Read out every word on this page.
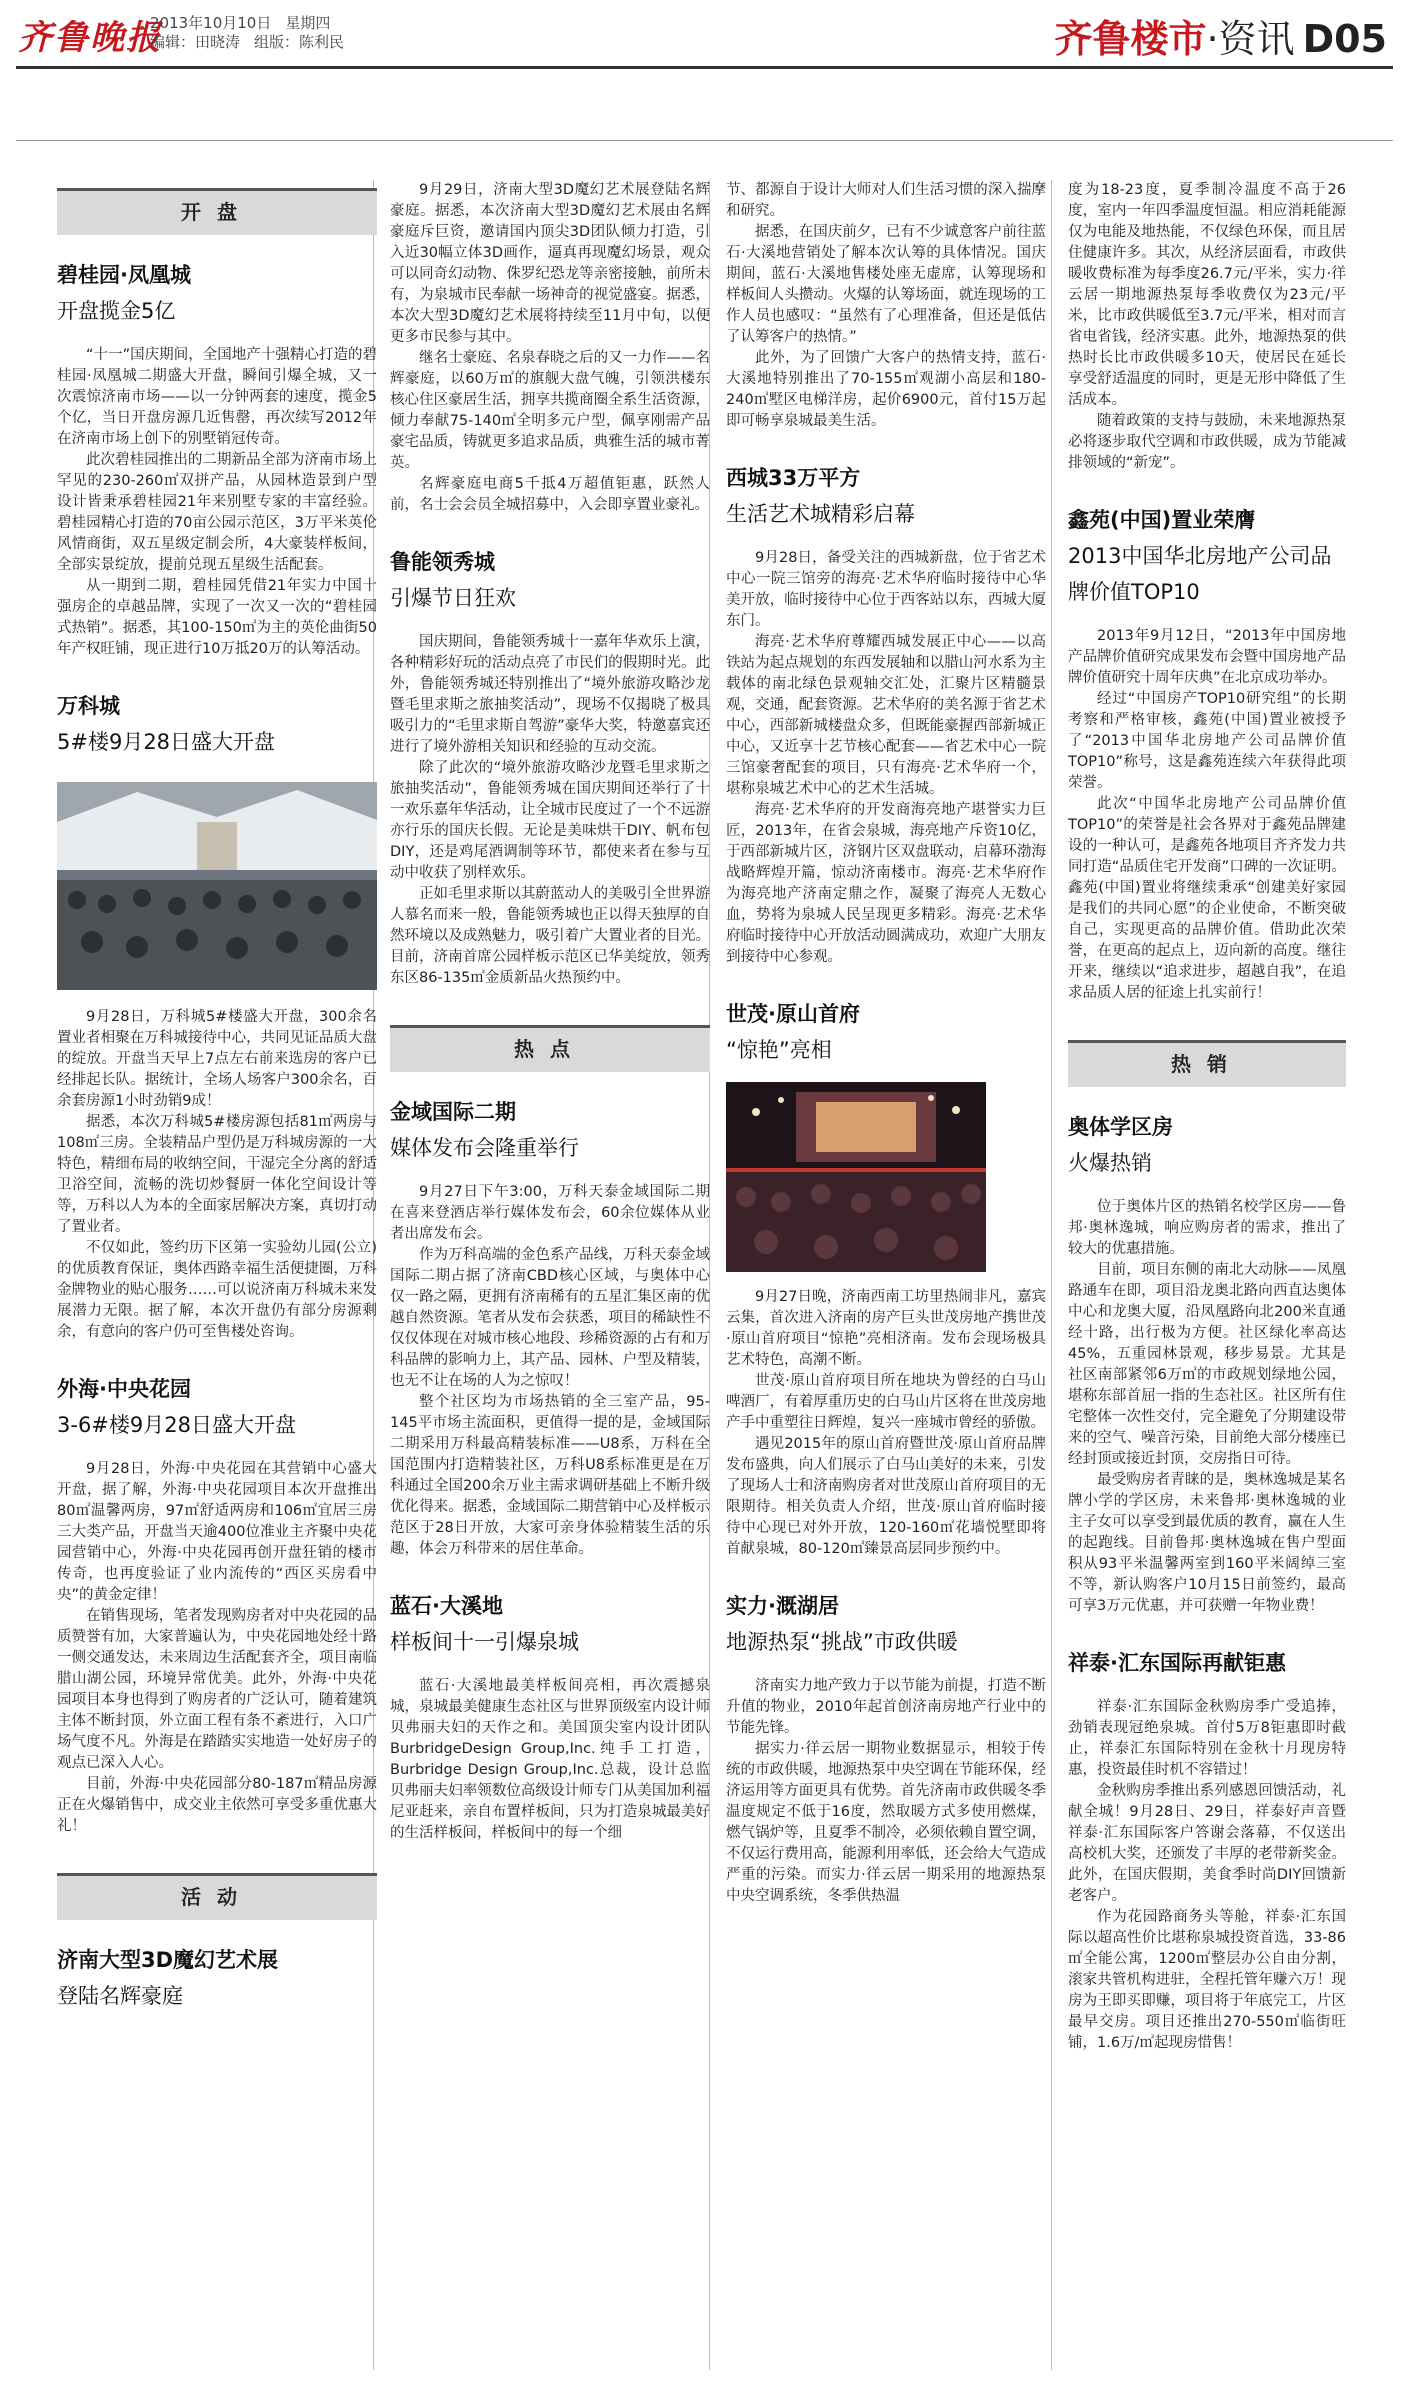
齐鲁晚报
2013年10月10日 星期四
编辑：田晓涛 组版：陈利民	齐鲁楼市·资讯 D05
开盘
碧桂园·凤凰城
开盘揽金5亿

“十一”国庆期间，全国地产十强精心打造的碧桂园·凤凰城二期盛大开盘，瞬间引爆全城，又一次震惊济南市场——以一分钟两套的速度，揽金5个亿，当日开盘房源几近售罄，再次续写2012年在济南市场上创下的别墅销冠传奇。

此次碧桂园推出的二期新品全部为济南市场上罕见的230-260㎡双拼产品，从园林造景到户型设计皆秉承碧桂园21年来别墅专家的丰富经验。碧桂园精心打造的70亩公园示范区，3万平米英伦风情商街，双五星级定制会所，4大豪装样板间，全部实景绽放，提前兑现五星级生活配套。

从一期到二期，碧桂园凭借21年实力中国十强房企的卓越品牌，实现了一次又一次的“碧桂园式热销”。据悉，其100-150㎡为主的英伦曲街50年产权旺铺，现正进行10万抵20万的认筹活动。

万科城
5#楼9月28日盛大开盘

9月28日，万科城5#楼盛大开盘，300余名置业者相聚在万科城接待中心，共同见证品质大盘的绽放。开盘当天早上7点左右前来选房的客户已经排起长队。据统计，全场人场客户300余名，百余套房源1小时劲销9成！

据悉，本次万科城5#楼房源包括81㎡两房与108㎡三房。全装精品户型仍是万科城房源的一大特色，精细布局的收纳空间，干湿完全分离的舒适卫浴空间，流畅的洗切炒餐厨一体化空间设计等等，万科以人为本的全面家居解决方案，真切打动了置业者。

不仅如此，签约历下区第一实验幼儿园(公立)的优质教育保证，奥体西路幸福生活便捷圈，万科金牌物业的贴心服务……可以说济南万科城未来发展潜力无限。据了解，本次开盘仍有部分房源剩余，有意向的客户仍可至售楼处咨询。

外海·中央花园
3-6#楼9月28日盛大开盘

9月28日，外海·中央花园在其营销中心盛大开盘，据了解，外海·中央花园项目本次开盘推出80㎡温馨两房，97㎡舒适两房和106㎡宜居三房三大类产品，开盘当天逾400位准业主齐聚中央花园营销中心，外海·中央花园再创开盘狂销的楼市传奇，也再度验证了业内流传的“西区买房看中央”的黄金定律！

在销售现场，笔者发现购房者对中央花园的品质赞誉有加，大家普遍认为，中央花园地处经十路一侧交通发达，未来周边生活配套齐全，项目南临腊山湖公园，环境异常优美。此外，外海·中央花园项目本身也得到了购房者的广泛认可，随着建筑主体不断封顶，外立面工程有条不紊进行，入口广场气度不凡。外海是在踏踏实实地造一处好房子的观点已深入人心。

目前，外海·中央花园部分80-187㎡精品房源正在火爆销售中，成交业主依然可享受多重优惠大礼！

活动
济南大型3D魔幻艺术展
登陆名辉豪庭

9月29日，济南大型3D魔幻艺术展登陆名辉豪庭。据悉，本次济南大型3D魔幻艺术展由名辉豪庭斥巨资，邀请国内顶尖3D团队倾力打造，引入近30幅立体3D画作，逼真再现魔幻场景，观众可以同奇幻动物、侏罗纪恐龙等亲密接触，前所未有，为泉城市民奉献一场神奇的视觉盛宴。据悉，本次大型3D魔幻艺术展将持续至11月中旬，以便更多市民参与其中。

继名士豪庭、名泉春晓之后的又一力作——名辉豪庭，以60万㎡的旗舰大盘气魄，引领洪楼东核心住区豪居生活，拥享共揽商圈全系生活资源，倾力奉献75-140㎡全明多元户型，佩享刚需产品豪宅品质，铸就更多追求品质，典雅生活的城市菁英。

名辉豪庭电商5千抵4万超值钜惠，跃然人前，名士会会员全城招募中，入会即享置业豪礼。

鲁能领秀城
引爆节日狂欢

国庆期间，鲁能领秀城十一嘉年华欢乐上演，各种精彩好玩的活动点亮了市民们的假期时光。此外，鲁能领秀城还特别推出了“境外旅游攻略沙龙暨毛里求斯之旅抽奖活动”，现场不仅揭晓了极具吸引力的“毛里求斯自驾游”豪华大奖，特邀嘉宾还进行了境外游相关知识和经验的互动交流。

除了此次的“境外旅游攻略沙龙暨毛里求斯之旅抽奖活动”，鲁能领秀城在国庆期间还举行了十一欢乐嘉年华活动，让全城市民度过了一个不远游亦行乐的国庆长假。无论是美味烘干DIY、帆布包DIY，还是鸡尾酒调制等环节，都使来者在参与互动中收获了别样欢乐。

正如毛里求斯以其蔚蓝动人的美吸引全世界游人慕名而来一般，鲁能领秀城也正以得天独厚的自然环境以及成熟魅力，吸引着广大置业者的目光。目前，济南首席公园样板示范区已华美绽放，领秀东区86-135㎡金质新品火热预约中。

热点
金域国际二期
媒体发布会隆重举行

9月27日下午3:00，万科天泰金域国际二期在喜来登酒店举行媒体发布会，60余位媒体从业者出席发布会。

作为万科高端的金色系产品线，万科天泰金域国际二期占据了济南CBD核心区域，与奥体中心仅一路之隔，更拥有济南稀有的五星汇集区南的优越自然资源。笔者从发布会获悉，项目的稀缺性不仅仅体现在对城市核心地段、珍稀资源的占有和万科品牌的影响力上，其产品、园林、户型及精装，也无不让在场的人为之惊叹！

整个社区均为市场热销的全三室产品，95-145平市场主流面积，更值得一提的是，金域国际二期采用万科最高精装标准——U8系，万科在全国范围内打造精装社区，万科U8系标准更是在万科通过全国200余万业主需求调研基础上不断升级优化得来。据悉，金域国际二期营销中心及样板示范区于28日开放，大家可亲身体验精装生活的乐趣，体会万科带来的居住革命。

蓝石·大溪地
样板间十一引爆泉城

蓝石·大溪地最美样板间亮相，再次震撼泉城，泉城最美健康生态社区与世界顶级室内设计师贝弗丽夫妇的天作之和。美国顶尖室内设计团队BurbridgeDesign Group,Inc.纯手工打造，Burbridge Design Group,Inc.总裁，设计总监贝弗丽夫妇率领数位高级设计师专门从美国加利福尼亚赶来，亲自布置样板间，只为打造泉城最美好的生活样板间，样板间中的每一个细

节、都源自于设计大师对人们生活习惯的深入揣摩和研究。

据悉，在国庆前夕，已有不少诚意客户前往蓝石·大溪地营销处了解本次认筹的具体情况。国庆期间，蓝石·大溪地售楼处座无虚席，认筹现场和样板间人头攒动。火爆的认筹场面，就连现场的工作人员也感叹：“虽然有了心理准备，但还是低估了认筹客户的热情。”

此外，为了回馈广大客户的热情支持，蓝石·大溪地特别推出了70-155㎡观湖小高层和180-240㎡墅区电梯洋房，起价6900元，首付15万起即可畅享泉城最美生活。

西城33万平方
生活艺术城精彩启幕

9月28日，备受关注的西城新盘，位于省艺术中心一院三馆旁的海亮·艺术华府临时接待中心华美开放，临时接待中心位于西客站以东，西城大厦东门。

海亮·艺术华府尊耀西城发展正中心——以高铁站为起点规划的东西发展轴和以腊山河水系为主载体的南北绿色景观轴交汇处，汇聚片区精髓景观，交通，配套资源。艺术华府的美名源于省艺术中心，西部新城楼盘众多，但既能豪握西部新城正中心，又近享十艺节核心配套——省艺术中心一院三馆豪奢配套的项目，只有海亮·艺术华府一个，堪称泉城艺术中心的艺术生活城。

海亮·艺术华府的开发商海亮地产堪誉实力巨匠，2013年，在省会泉城，海亮地产斥资10亿，于西部新城片区，济钢片区双盘联动，启幕环渤海战略辉煌开篇，惊动济南楼市。海亮·艺术华府作为海亮地产济南定鼎之作，凝聚了海亮人无数心血，势将为泉城人民呈现更多精彩。海亮·艺术华府临时接待中心开放活动圆满成功，欢迎广大朋友到接待中心参观。

世茂·原山首府
“惊艳”亮相

9月27日晚，济南西南工坊里热闹非凡，嘉宾云集，首次进入济南的房产巨头世茂房地产携世茂·原山首府项目“惊艳”亮相济南。发布会现场极具艺术特色，高潮不断。

世茂·原山首府项目所在地块为曾经的白马山啤酒厂，有着厚重历史的白马山片区将在世茂房地产手中重塑往日辉煌，复兴一座城市曾经的骄傲。

遇见2015年的原山首府暨世茂·原山首府品牌发布盛典，向人们展示了白马山美好的未来，引发了现场人士和济南购房者对世茂原山首府项目的无限期待。相关负责人介绍，世茂·原山首府临时接待中心现已对外开放，120-160㎡花墙悦墅即将首献泉城，80-120㎡臻景高层同步预约中。

实力·溉湖居
地源热泵“挑战”市政供暖

济南实力地产致力于以节能为前提，打造不断升值的物业，2010年起首创济南房地产行业中的节能先锋。

据实力·徉云居一期物业数据显示，相较于传统的市政供暖，地源热泵中央空调在节能环保，经济运用等方面更具有优势。首先济南市政供暖冬季温度规定不低于16度，然取暖方式多使用燃煤，燃气锅炉等，且夏季不制冷，必须依赖自置空调，不仅运行费用高，能源利用率低，还会给大气造成严重的污染。而实力·徉云居一期采用的地源热泵中央空调系统，冬季供热温

度为18-23度，夏季制冷温度不高于26度，室内一年四季温度恒温。相应消耗能源仅为电能及地热能，不仅绿色环保，而且居住健康许多。其次，从经济层面看，市政供暖收费标准为每季度26.7元/平米，实力·徉云居一期地源热泵每季收费仅为23元/平米，比市政供暖低至3.7元/平米，相对而言省电省钱，经济实惠。此外，地源热泵的供热时长比市政供暖多10天，使居民在延长享受舒适温度的同时，更是无形中降低了生活成本。

随着政策的支持与鼓励，未来地源热泵必将逐步取代空调和市政供暖，成为节能减排领域的“新宠”。

鑫苑(中国)置业荣膺
2013中国华北房地产公司品
牌价值TOP10

2013年9月12日，“2013年中国房地产品牌价值研究成果发布会暨中国房地产品牌价值研究十周年庆典”在北京成功举办。

经过“中国房产TOP10研究组”的长期考察和严格审核，鑫苑(中国)置业被授予了“2013中国华北房地产公司品牌价值TOP10”称号，这是鑫苑连续六年获得此项荣誉。

此次“中国华北房地产公司品牌价值TOP10”的荣誉是社会各界对于鑫苑品牌建设的一种认可，是鑫苑各地项目齐齐发力共同打造“品质住宅开发商”口碑的一次证明。鑫苑(中国)置业将继续秉承“创建美好家园是我们的共同心愿”的企业使命，不断突破自己，实现更高的品牌价值。借助此次荣誉，在更高的起点上，迈向新的高度。继往开来，继续以“追求进步，超越自我”，在追求品质人居的征途上扎实前行！

热销
奥体学区房
火爆热销

位于奥体片区的热销名校学区房——鲁邦·奥林逸城，响应购房者的需求，推出了较大的优惠措施。

目前，项目东侧的南北大动脉——凤凰路通车在即，项目沿龙奥北路向西直达奥体中心和龙奥大厦，沿凤凰路向北200米直通经十路，出行极为方便。社区绿化率高达45%，五重园林景观，移步易景。尤其是社区南部紧邻6万㎡的市政规划绿地公园，堪称东部首屈一指的生态社区。社区所有住宅整体一次性交付，完全避免了分期建设带来的空气、噪音污染，目前绝大部分楼座已经封顶或接近封顶，交房指日可待。

最受购房者青睐的是，奥林逸城是某名牌小学的学区房，未来鲁邦·奥林逸城的业主子女可以享受到最优质的教育，赢在人生的起跑线。目前鲁邦·奥林逸城在售户型面积从93平米温馨两室到160平米阔绰三室不等，新认购客户10月15日前签约，最高可享3万元优惠，并可获赠一年物业费！

祥泰·汇东国际再献钜惠

祥泰·汇东国际金秋购房季广受追捧，劲销表现冠绝泉城。首付5万8钜惠即时截止，祥泰汇东国际特别在金秋十月现房特惠，投资最佳时机不容错过！

金秋购房季推出系列感恩回馈活动，礼献全城！9月28日、29日，祥泰好声音暨祥泰·汇东国际客户答谢会落幕，不仅送出高校机大奖，还颁发了丰厚的老带新奖金。此外，在国庆假期，美食季时尚DIY回馈新老客户。

作为花园路商务头等舱，祥泰·汇东国际以超高性价比堪称泉城投资首选，33-86㎡全能公寓，1200㎡整层办公自由分割，滚家共管机构进驻，全程托管年赚六万！现房为王即买即赚，项目将于年底完工，片区最早交房。项目还推出270-550㎡临街旺铺，1.6万/㎡起现房惜售！
